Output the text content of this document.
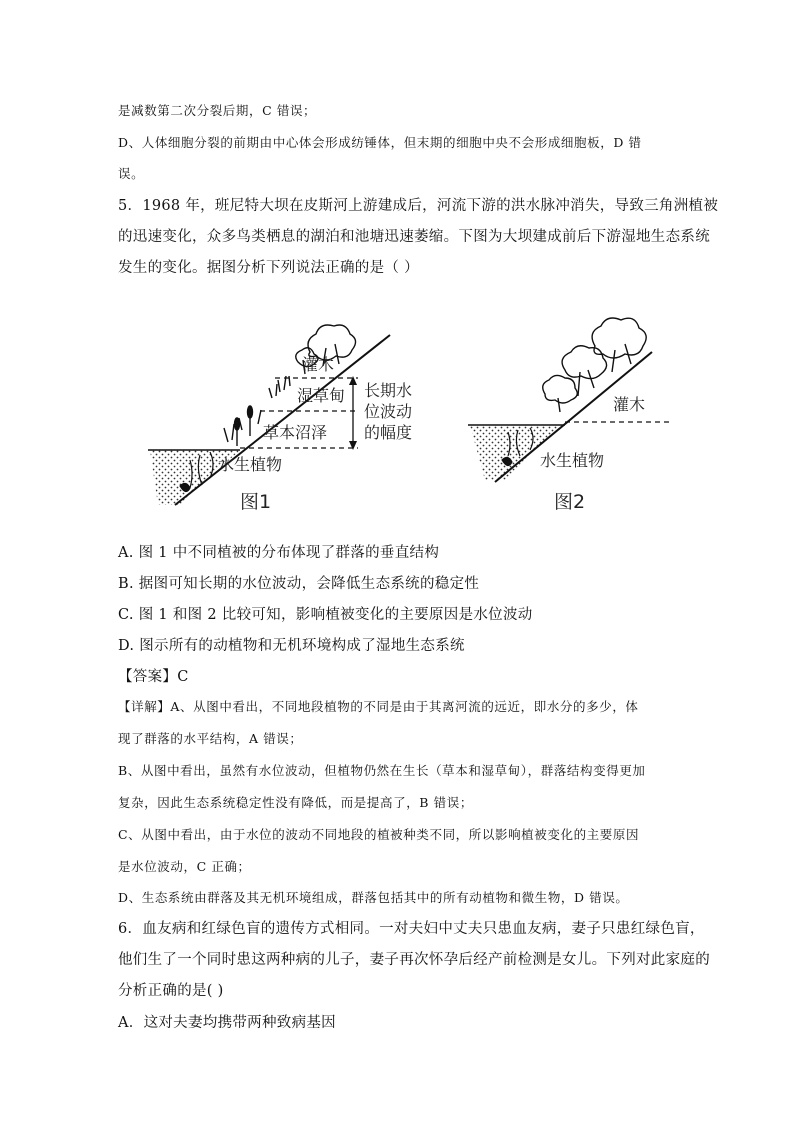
是减数第二次分裂后期，C 错误；
D、人体细胞分裂的前期由中心体会形成纺锤体，但末期的细胞中央不会形成细胞板，D 错
误。
5．1968 年，班尼特大坝在皮斯河上游建成后，河流下游的洪水脉冲消失，导致三角洲植被
的迅速变化，众多鸟类栖息的湖泊和池塘迅速萎缩。下图为大坝建成前后下游湿地生态系统
发生的变化。据图分析下列说法正确的是（ ）
灌木
湿草甸
草本沼泽
水生植物
长期水
位波动
的幅度
图1
灌木
水生植物
图2
A. 图 1 中不同植被的分布体现了群落的垂直结构
B. 据图可知长期的水位波动，会降低生态系统的稳定性
C. 图 1 和图 2 比较可知，影响植被变化的主要原因是水位波动
D. 图示所有的动植物和无机环境构成了湿地生态系统
【答案】C
【详解】A、从图中看出，不同地段植物的不同是由于其离河流的远近，即水分的多少，体
现了群落的水平结构，A 错误；
B、从图中看出，虽然有水位波动，但植物仍然在生长（草本和湿草甸），群落结构变得更加
复杂，因此生态系统稳定性没有降低，而是提高了，B 错误；
C、从图中看出，由于水位的波动不同地段的植被种类不同，所以影响植被变化的主要原因
是水位波动，C 正确；
D、生态系统由群落及其无机环境组成，群落包括其中的所有动植物和微生物，D 错误。
6．血友病和红绿色盲的遗传方式相同。一对夫妇中丈夫只患血友病，妻子只患红绿色盲，
他们生了一个同时患这两种病的儿子，妻子再次怀孕后经产前检测是女儿。下列对此家庭的
分析正确的是( )
A．这对夫妻均携带两种致病基因
